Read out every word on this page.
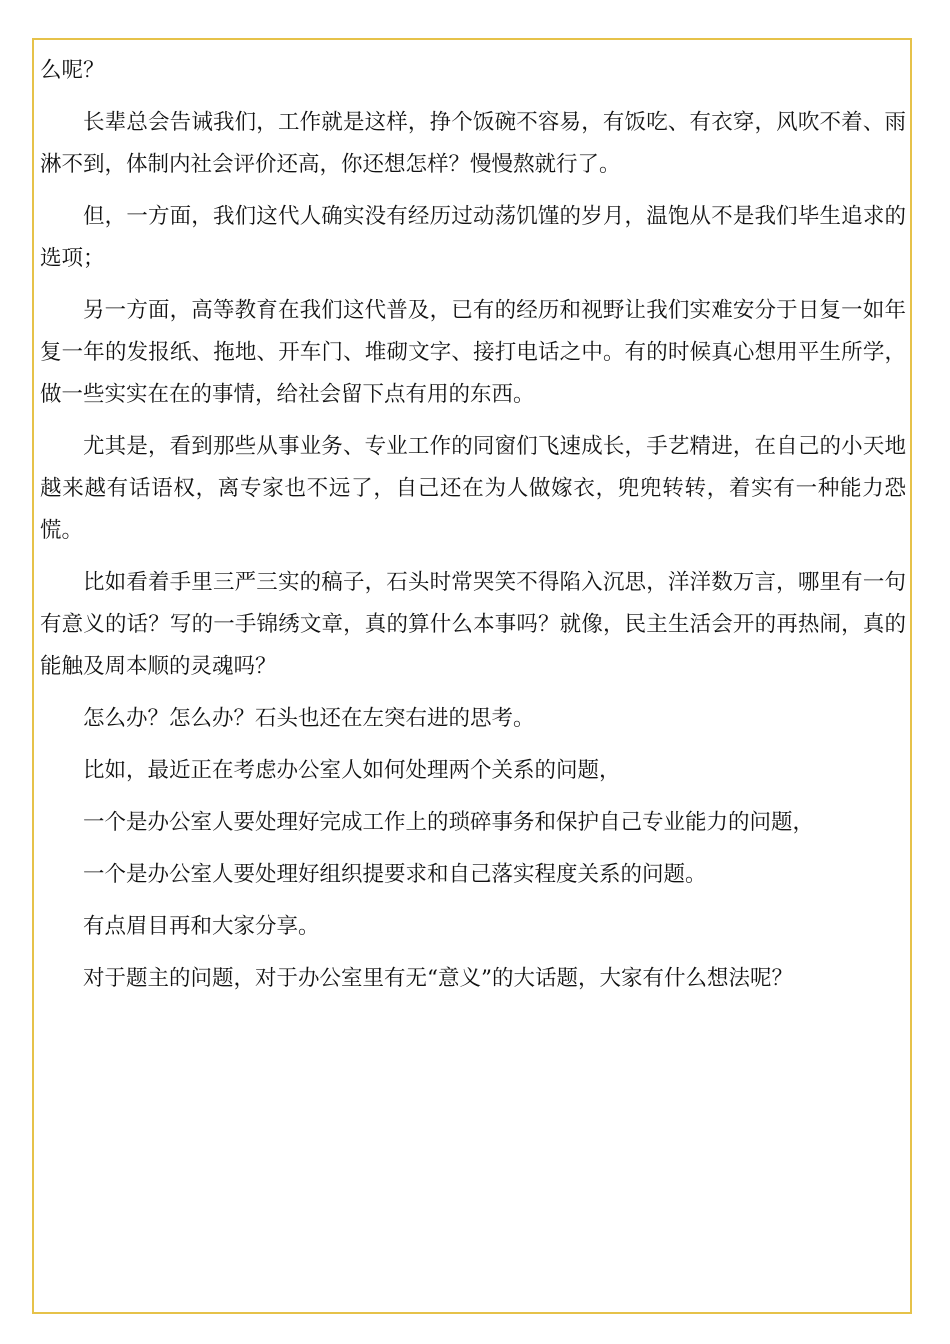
么呢？

长辈总会告诫我们，工作就是这样，挣个饭碗不容易，有饭吃、有衣穿，风吹不着、雨淋不到，体制内社会评价还高，你还想怎样？慢慢熬就行了。

但，一方面，我们这代人确实没有经历过动荡饥馑的岁月，温饱从不是我们毕生追求的选项；

另一方面，高等教育在我们这代普及，已有的经历和视野让我们实难安分于日复一如年复一年的发报纸、拖地、开车门、堆砌文字、接打电话之中。有的时候真心想用平生所学，做一些实实在在的事情，给社会留下点有用的东西。

尤其是，看到那些从事业务、专业工作的同窗们飞速成长，手艺精进，在自己的小天地越来越有话语权，离专家也不远了，自己还在为人做嫁衣，兜兜转转，着实有一种能力恐慌。

比如看着手里三严三实的稿子，石头时常哭笑不得陷入沉思，洋洋数万言，哪里有一句有意义的话？写的一手锦绣文章，真的算什么本事吗？就像，民主生活会开的再热闹，真的能触及周本顺的灵魂吗？

怎么办？怎么办？石头也还在左突右进的思考。

比如，最近正在考虑办公室人如何处理两个关系的问题，

一个是办公室人要处理好完成工作上的琐碎事务和保护自己专业能力的问题，

一个是办公室人要处理好组织提要求和自己落实程度关系的问题。

有点眉目再和大家分享。

对于题主的问题，对于办公室里有无“意义”的大话题，大家有什么想法呢？
